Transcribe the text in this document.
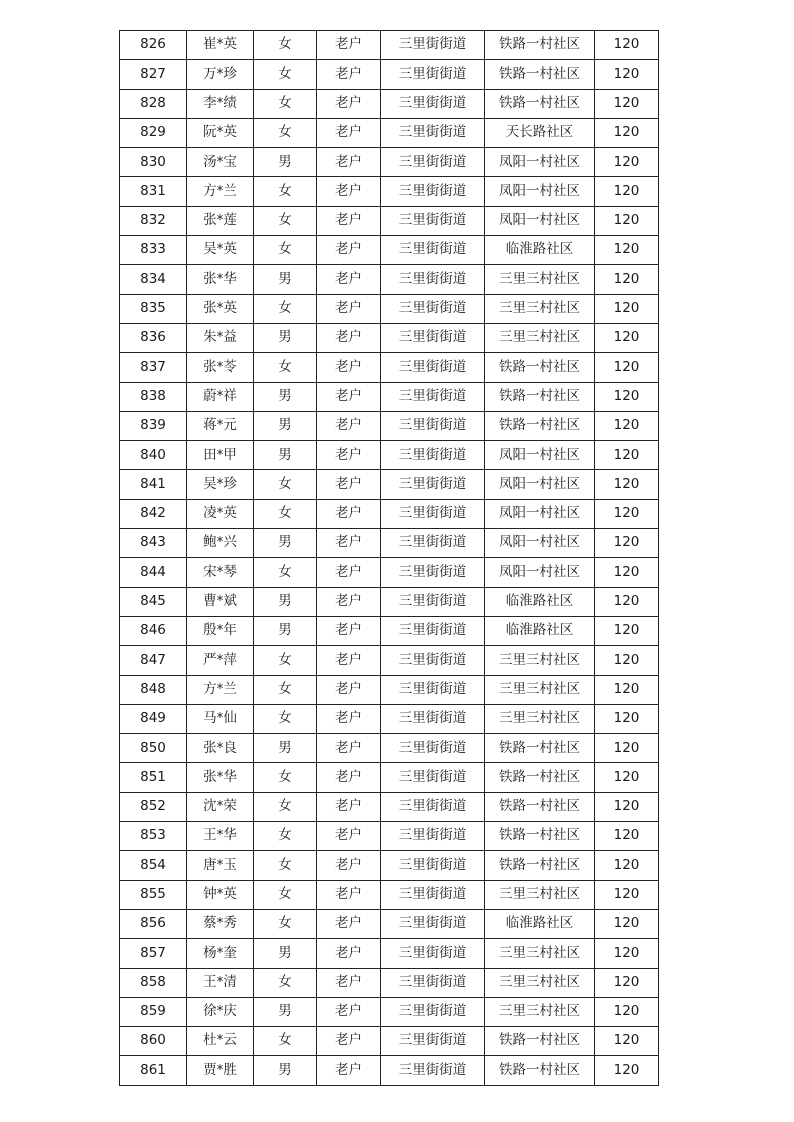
826	崔*英	女	老户	三里街街道	铁路一村社区	120
827	万*珍	女	老户	三里街街道	铁路一村社区	120
828	李*绩	女	老户	三里街街道	铁路一村社区	120
829	阮*英	女	老户	三里街街道	天长路社区	120
830	汤*宝	男	老户	三里街街道	凤阳一村社区	120
831	方*兰	女	老户	三里街街道	凤阳一村社区	120
832	张*莲	女	老户	三里街街道	凤阳一村社区	120
833	吴*英	女	老户	三里街街道	临淮路社区	120
834	张*华	男	老户	三里街街道	三里三村社区	120
835	张*英	女	老户	三里街街道	三里三村社区	120
836	朱*益	男	老户	三里街街道	三里三村社区	120
837	张*苓	女	老户	三里街街道	铁路一村社区	120
838	蔚*祥	男	老户	三里街街道	铁路一村社区	120
839	蒋*元	男	老户	三里街街道	铁路一村社区	120
840	田*甲	男	老户	三里街街道	凤阳一村社区	120
841	吴*珍	女	老户	三里街街道	凤阳一村社区	120
842	凌*英	女	老户	三里街街道	凤阳一村社区	120
843	鲍*兴	男	老户	三里街街道	凤阳一村社区	120
844	宋*琴	女	老户	三里街街道	凤阳一村社区	120
845	曹*斌	男	老户	三里街街道	临淮路社区	120
846	殷*年	男	老户	三里街街道	临淮路社区	120
847	严*萍	女	老户	三里街街道	三里三村社区	120
848	方*兰	女	老户	三里街街道	三里三村社区	120
849	马*仙	女	老户	三里街街道	三里三村社区	120
850	张*良	男	老户	三里街街道	铁路一村社区	120
851	张*华	女	老户	三里街街道	铁路一村社区	120
852	沈*荣	女	老户	三里街街道	铁路一村社区	120
853	王*华	女	老户	三里街街道	铁路一村社区	120
854	唐*玉	女	老户	三里街街道	铁路一村社区	120
855	钟*英	女	老户	三里街街道	三里三村社区	120
856	蔡*秀	女	老户	三里街街道	临淮路社区	120
857	杨*奎	男	老户	三里街街道	三里三村社区	120
858	王*清	女	老户	三里街街道	三里三村社区	120
859	徐*庆	男	老户	三里街街道	三里三村社区	120
860	杜*云	女	老户	三里街街道	铁路一村社区	120
861	贾*胜	男	老户	三里街街道	铁路一村社区	120
